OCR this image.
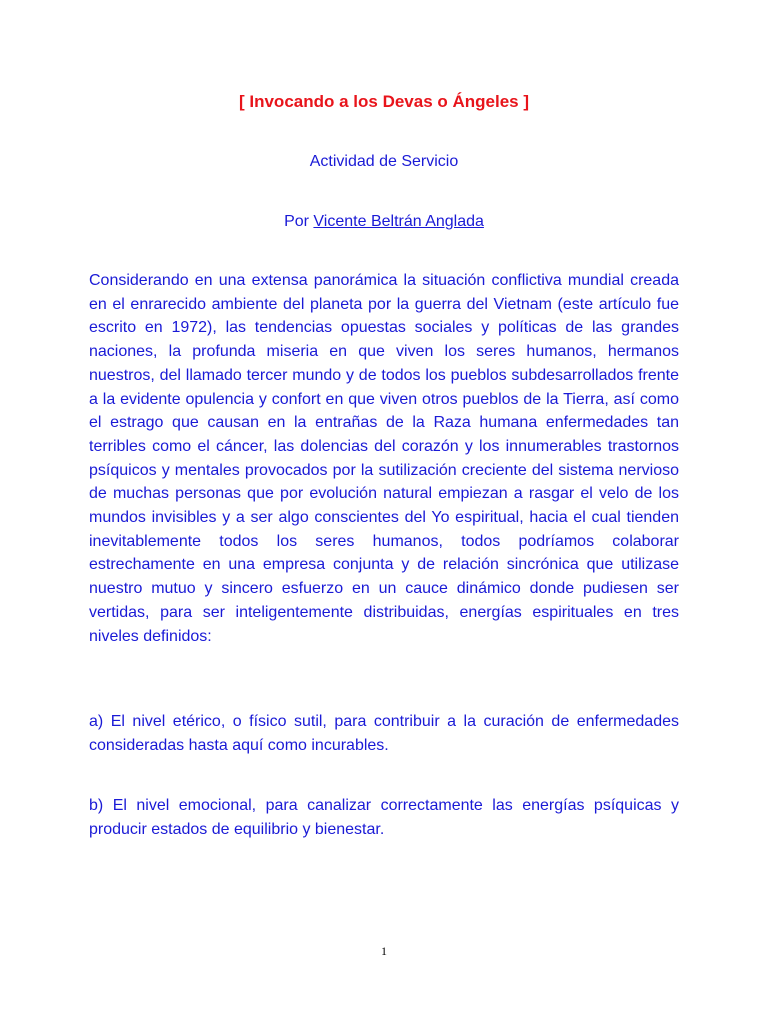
[ Invocando a los Devas o Ángeles ]
Actividad de Servicio
Por Vicente Beltrán Anglada
Considerando en una extensa panorámica la situación conflictiva mundial creada en el enrarecido ambiente del planeta por la guerra del Vietnam (este artículo fue escrito en 1972), las tendencias opuestas sociales y políticas de las grandes naciones, la profunda miseria en que viven los seres humanos, hermanos nuestros, del llamado tercer mundo y de todos los pueblos subdesarrollados frente a la evidente opulencia y confort en que viven otros pueblos de la Tierra, así como el estrago que causan en la entrañas de la Raza humana enfermedades tan terribles como el cáncer, las dolencias del corazón y los innumerables trastornos psíquicos y mentales provocados por la sutilización creciente del sistema nervioso de muchas personas que por evolución natural empiezan a rasgar el velo de los mundos invisibles y a ser algo conscientes del Yo espiritual, hacia el cual tienden inevitablemente todos los seres humanos, todos podríamos colaborar estrechamente en una empresa conjunta y de relación sincrónica que utilizase nuestro mutuo y sincero esfuerzo en un cauce dinámico donde pudiesen ser vertidas, para ser inteligentemente distribuidas, energías espirituales en tres niveles definidos:
a) El nivel etérico, o físico sutil, para contribuir a la curación de enfermedades consideradas hasta aquí como incurables.
b) El nivel emocional, para canalizar correctamente las energías psíquicas y producir estados de equilibrio y bienestar.
1
